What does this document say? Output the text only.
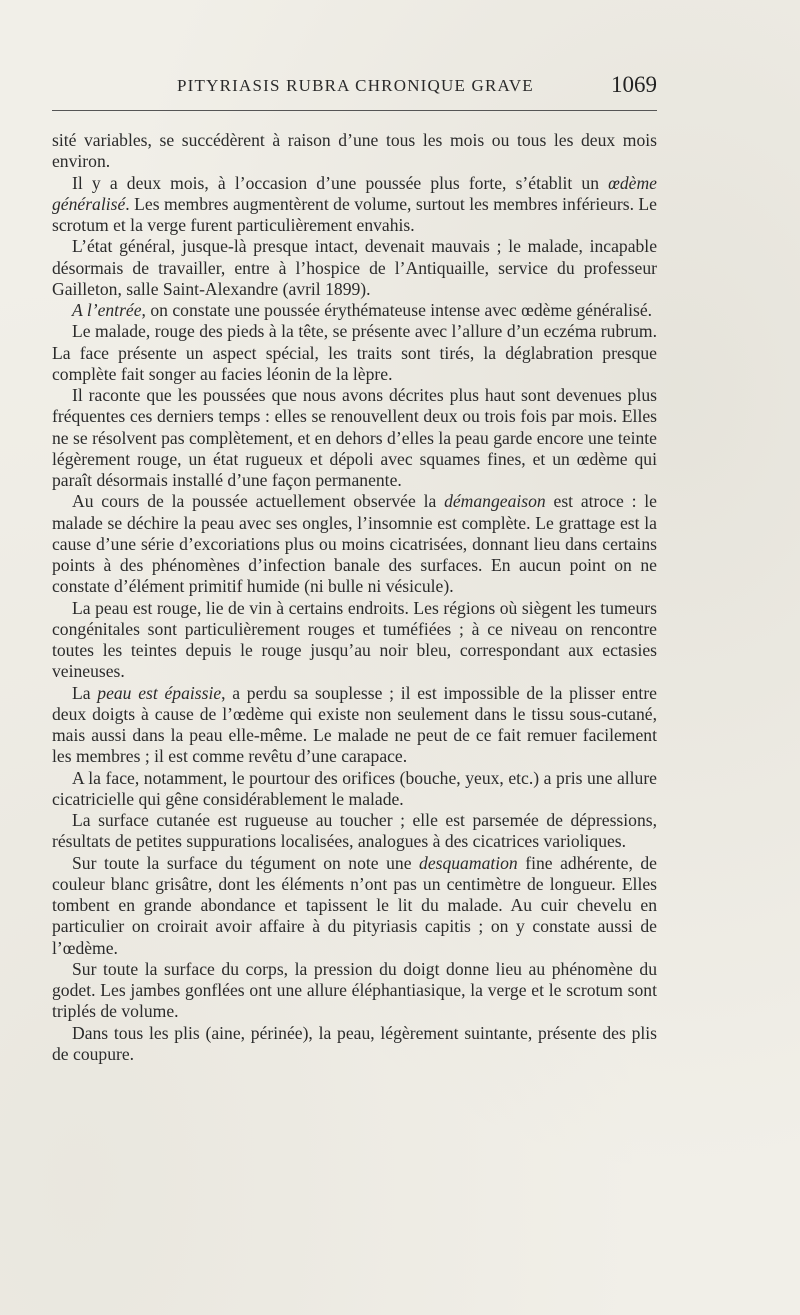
PITYRIASIS RUBRA CHRONIQUE GRAVE	1069

sité variables, se succédèrent à raison d’une tous les mois ou tous les deux mois environ.

Il y a deux mois, à l’occasion d’une poussée plus forte, s’établit un œdème généralisé. Les membres augmentèrent de volume, surtout les membres inférieurs. Le scrotum et la verge furent particulièrement envahis.

L’état général, jusque-là presque intact, devenait mauvais ; le malade, incapable désormais de travailler, entre à l’hospice de l’Antiquaille, service du professeur Gailleton, salle Saint-Alexandre (avril 1899).

A l’entrée, on constate une poussée érythémateuse intense avec œdème généralisé.

Le malade, rouge des pieds à la tête, se présente avec l’allure d’un eczéma rubrum. La face présente un aspect spécial, les traits sont tirés, la déglabration presque complète fait songer au facies léonin de la lèpre.

Il raconte que les poussées que nous avons décrites plus haut sont devenues plus fréquentes ces derniers temps : elles se renouvellent deux ou trois fois par mois. Elles ne se résolvent pas complètement, et en dehors d’elles la peau garde encore une teinte légèrement rouge, un état rugueux et dépoli avec squames fines, et un œdème qui paraît désormais installé d’une façon permanente.

Au cours de la poussée actuellement observée la démangeaison est atroce : le malade se déchire la peau avec ses ongles, l’insomnie est complète. Le grattage est la cause d’une série d’excoriations plus ou moins cicatrisées, donnant lieu dans certains points à des phénomènes d’infection banale des surfaces. En aucun point on ne constate d’élément primitif humide (ni bulle ni vésicule).

La peau est rouge, lie de vin à certains endroits. Les régions où siègent les tumeurs congénitales sont particulièrement rouges et tuméfiées ; à ce niveau on rencontre toutes les teintes depuis le rouge jusqu’au noir bleu, correspondant aux ectasies veineuses.

La peau est épaissie, a perdu sa souplesse ; il est impossible de la plisser entre deux doigts à cause de l’œdème qui existe non seulement dans le tissu sous-cutané, mais aussi dans la peau elle-même. Le malade ne peut de ce fait remuer facilement les membres ; il est comme revêtu d’une carapace.

A la face, notamment, le pourtour des orifices (bouche, yeux, etc.) a pris une allure cicatricielle qui gêne considérablement le malade.

La surface cutanée est rugueuse au toucher ; elle est parsemée de dépressions, résultats de petites suppurations localisées, analogues à des cicatrices varioliques.

Sur toute la surface du tégument on note une desquamation fine adhérente, de couleur blanc grisâtre, dont les éléments n’ont pas un centimètre de longueur. Elles tombent en grande abondance et tapissent le lit du malade. Au cuir chevelu en particulier on croirait avoir affaire à du pityriasis capitis ; on y constate aussi de l’œdème.

Sur toute la surface du corps, la pression du doigt donne lieu au phénomène du godet. Les jambes gonflées ont une allure éléphantiasique, la verge et le scrotum sont triplés de volume.

Dans tous les plis (aine, périnée), la peau, légèrement suintante, présente des plis de coupure.
